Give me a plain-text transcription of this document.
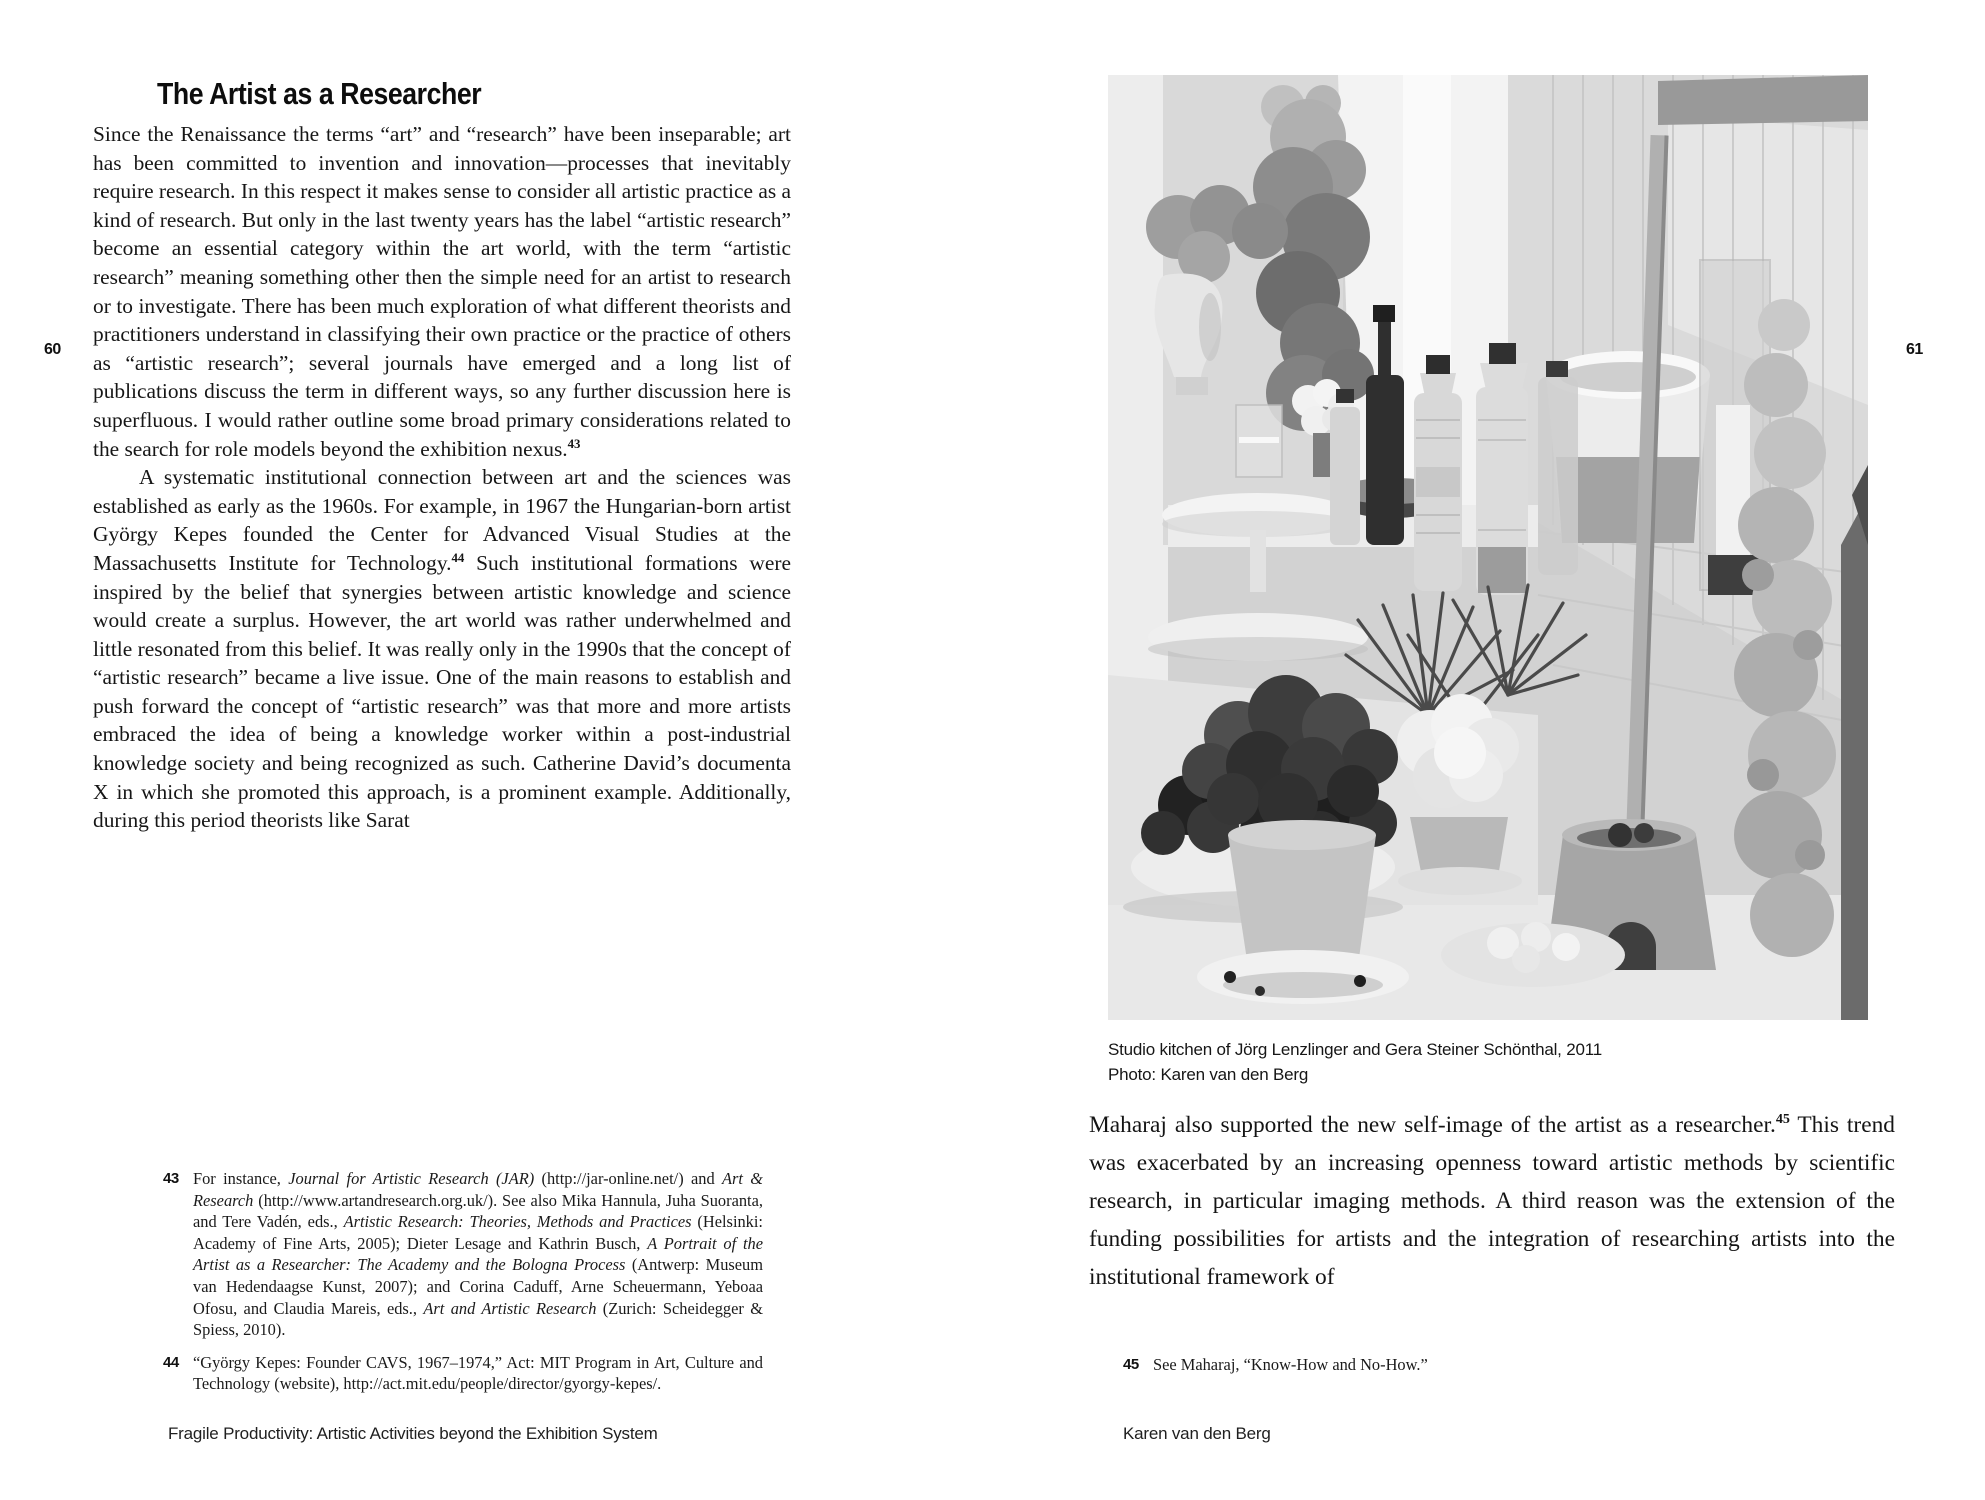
60	61
The Artist as a Researcher

Since the Renaissance the terms “art” and “research” have been inseparable; art has been committed to invention and innovation—processes that inevitably require research. In this respect it makes sense to consider all artistic practice as a kind of research. But only in the last twenty years has the label “artistic research” become an essential category within the art world, with the term “artistic research” meaning something other then the simple need for an artist to research or to investigate. There has been much exploration of what different theorists and practitioners understand in classifying their own practice or the practice of others as “artistic research”; several journals have emerged and a long list of publications discuss the term in different ways, so any further discussion here is superfluous. I would rather outline some broad primary considerations related to the search for role models beyond the exhibition nexus.$^{43}$

A systematic institutional connection between art and the sciences was established as early as the 1960s. For example, in 1967 the Hungarian-born artist György Kepes founded the Center for Advanced Visual Studies at the Massachusetts Institute for Technology.$^{44}$ Such institutional formations were inspired by the belief that synergies between artistic knowledge and science would create a surplus. However, the art world was rather underwhelmed and little resonated from this belief. It was really only in the 1990s that the concept of “artistic research” became a live issue. One of the main reasons to establish and push forward the concept of “artistic research” was that more and more artists embraced the idea of being a knowledge worker within a post-industrial knowledge society and being recognized as such. Catherine David’s documenta X in which she promoted this approach, is a prominent example. Additionally, during this period theorists like Sarat

43 For instance, Journal for Artistic Research (JAR) (http://jar-online.net/) and Art & Research (http://www.artandresearch.org.uk/). See also Mika Hannula, Juha Suoranta, and Tere Vadén, eds., Artistic Research: Theories, Methods and Practices (Helsinki: Academy of Fine Arts, 2005); Dieter Lesage and Kathrin Busch, A Portrait of the Artist as a Researcher: The Academy and the Bologna Process (Antwerp: Museum van Hedendaagse Kunst, 2007); and Corina Caduff, Arne Scheuermann, Yeboaa Ofosu, and Claudia Mareis, eds., Art and Artistic Research (Zurich: Scheidegger & Spiess, 2010).
44 “György Kepes: Founder CAVS, 1967–1974,” Act: MIT Program in Art, Culture and Technology (website), http://act.mit.edu/people/director/gyorgy-kepes/.
Fragile Productivity: Artistic Activities beyond the Exhibition System
Studio kitchen of Jörg Lenzlinger and Gera Steiner Schönthal, 2011
Photo: Karen van den Berg

Maharaj also supported the new self-image of the artist as a researcher.$^{45}$ This trend was exacerbated by an increasing openness toward artistic methods by scientific research, in particular imaging methods. A third reason was the extension of the funding possibilities for artists and the integration of researching artists into the institutional framework of

45 See Maharaj, “Know-How and No-How.”
Karen van den Berg
